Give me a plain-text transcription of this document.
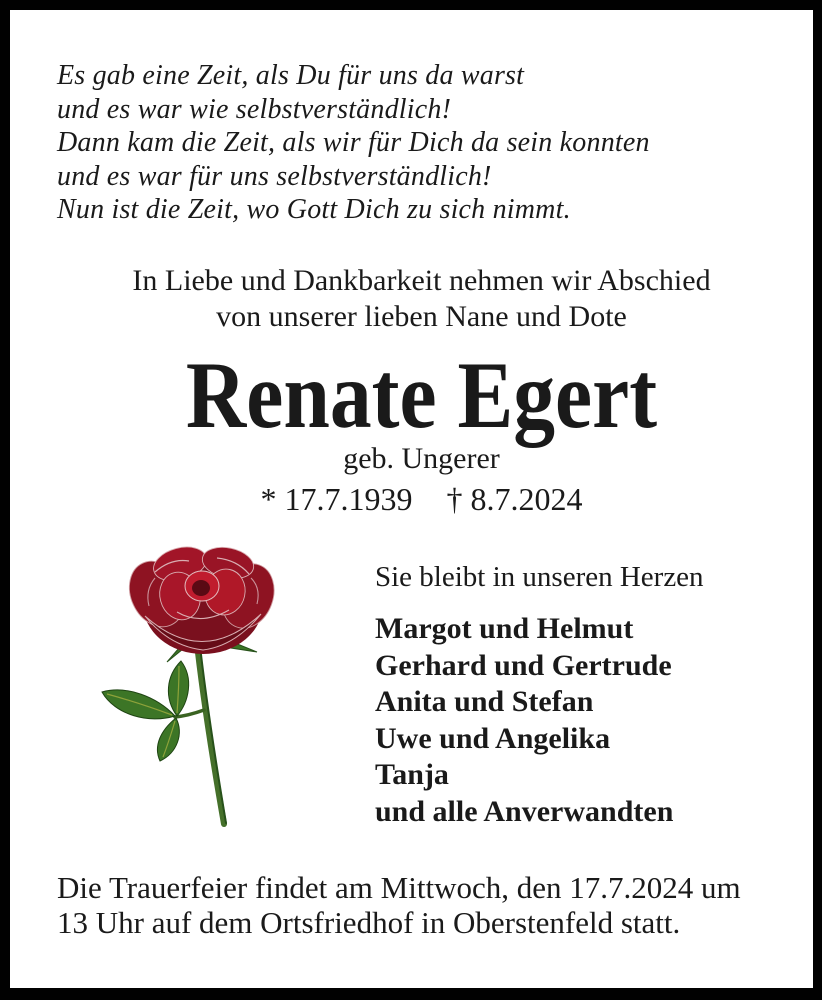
Es gab eine Zeit, als Du für uns da warst
und es war wie selbstverständlich!
Dann kam die Zeit, als wir für Dich da sein konnten
und es war für uns selbstverständlich!
Nun ist die Zeit, wo Gott Dich zu sich nimmt.
In Liebe und Dankbarkeit nehmen wir Abschied
von unserer lieben Nane und Dote
Renate Egert
geb. Ungerer
* 17.7.1939 † 8.7.2024
Sie bleibt in unseren Herzen
Margot und Helmut
Gerhard und Gertrude
Anita und Stefan
Uwe und Angelika
Tanja
und alle Anverwandten
Die Trauerfeier findet am Mittwoch, den 17.7.2024 um
13 Uhr auf dem Ortsfriedhof in Oberstenfeld statt.
